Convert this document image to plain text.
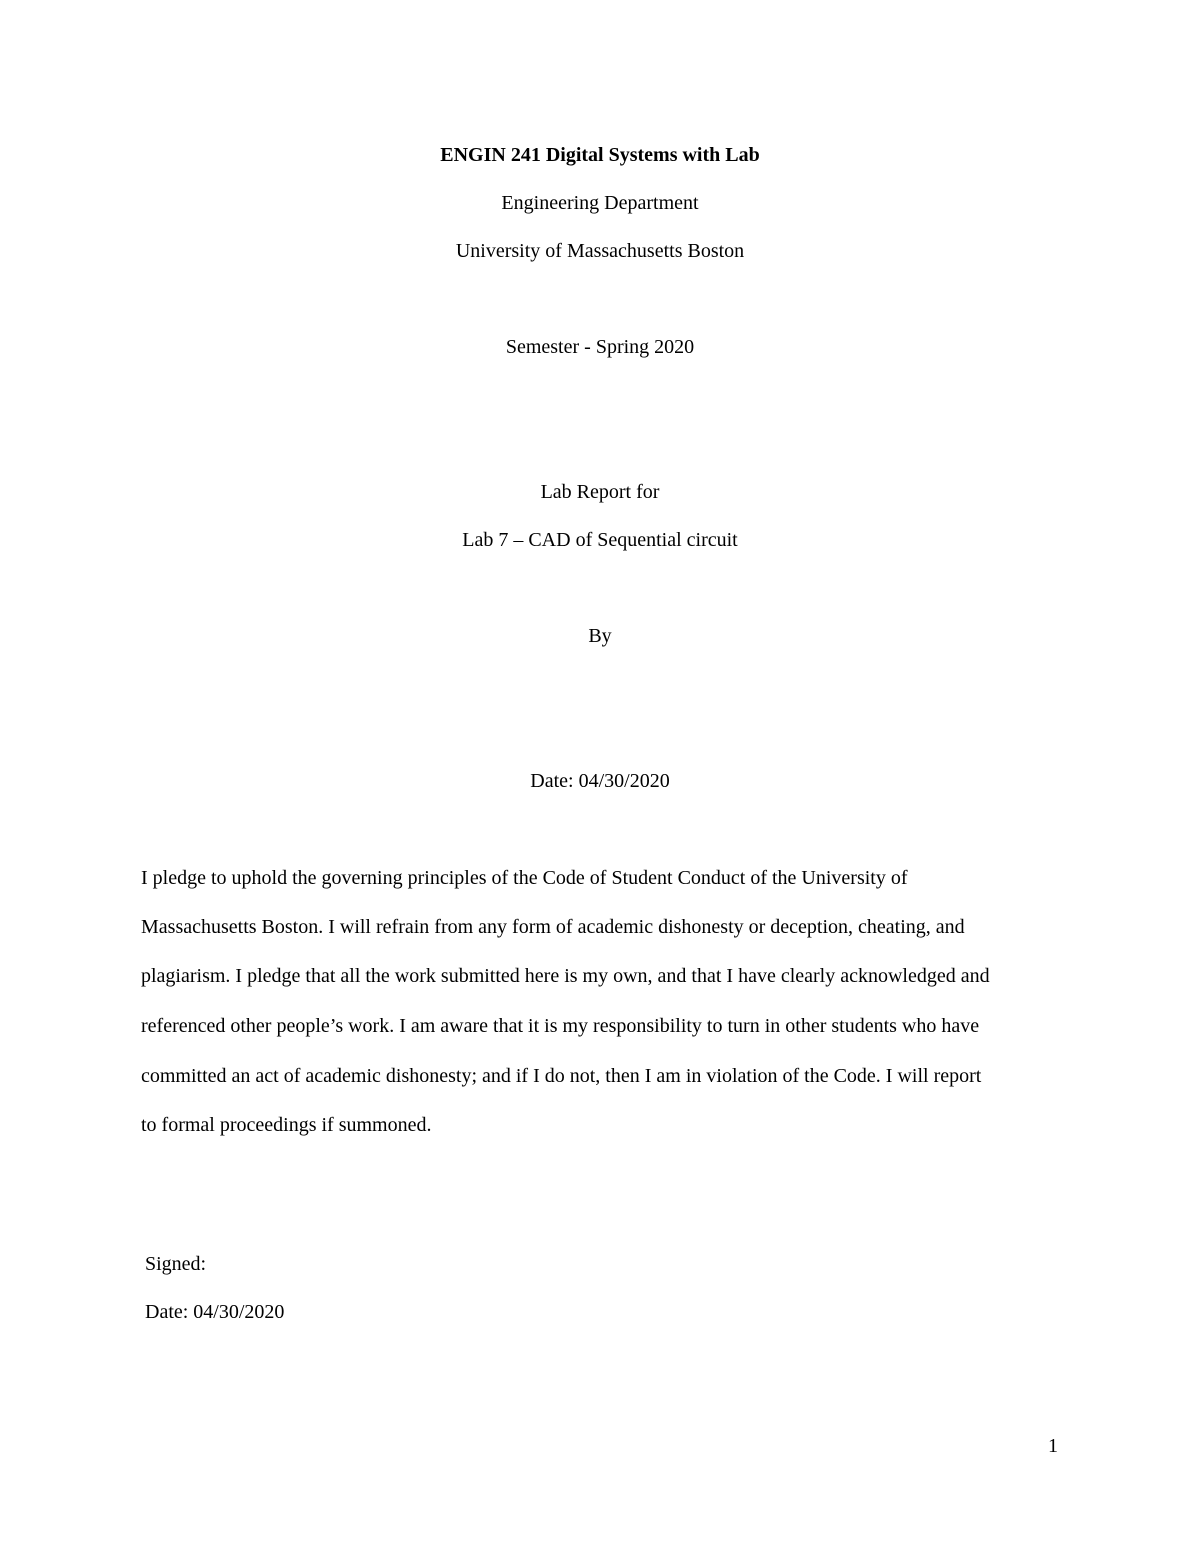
ENGIN 241 Digital Systems with Lab
Engineering Department
University of Massachusetts Boston
Semester - Spring 2020
Lab Report for
Lab 7 – CAD of Sequential circuit
By
Date: 04/30/2020
I pledge to uphold the governing principles of the Code of Student Conduct of the University of
Massachusetts Boston. I will refrain from any form of academic dishonesty or deception, cheating, and
plagiarism. I pledge that all the work submitted here is my own, and that I have clearly acknowledged and
referenced other people’s work. I am aware that it is my responsibility to turn in other students who have
committed an act of academic dishonesty; and if I do not, then I am in violation of the Code. I will report
to formal proceedings if summoned.
Signed:
Date: 04/30/2020
1
